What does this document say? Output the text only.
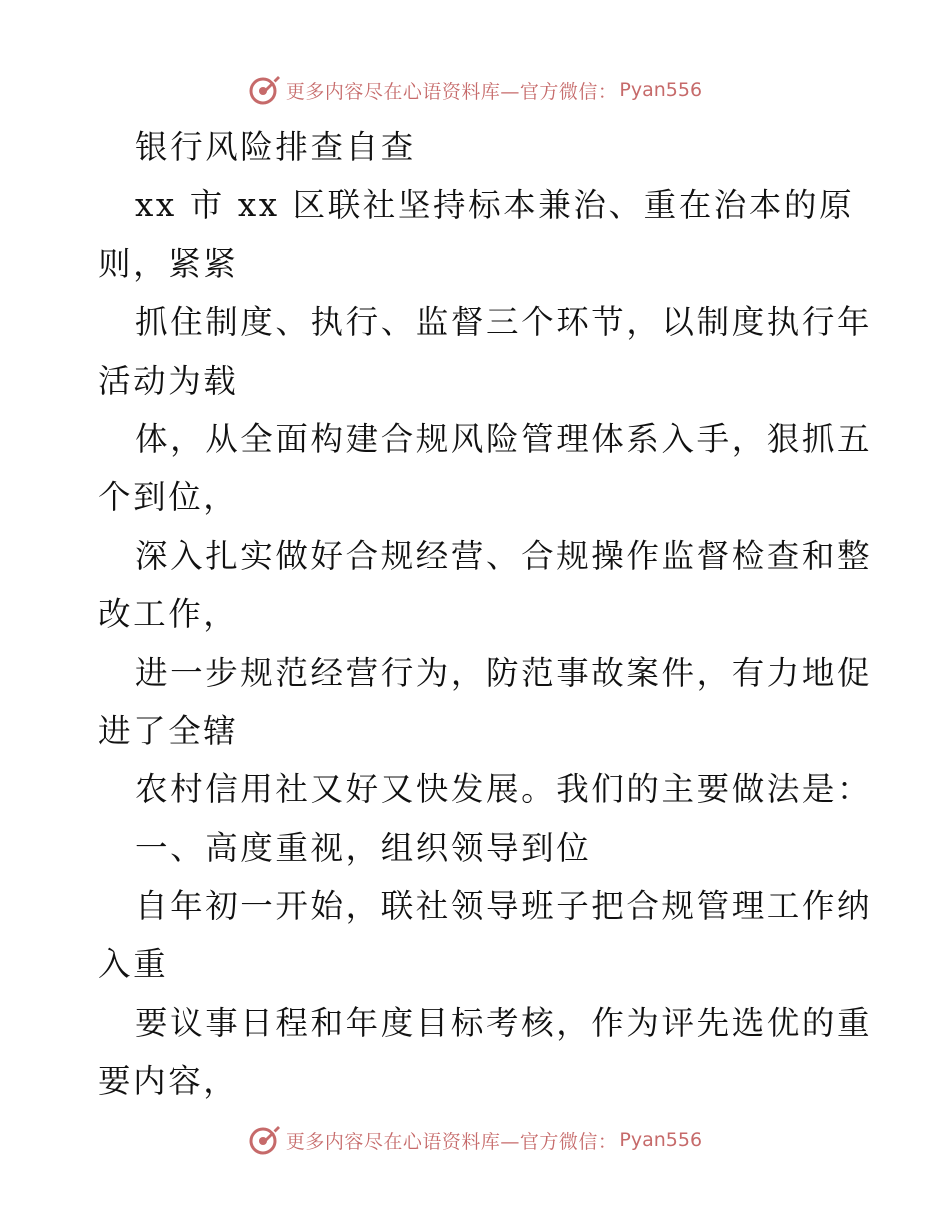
更多内容尽在心语资料库—官方微信： Pyan556
银行风险排查自查
xx 市 xx 区联社坚持标本兼治、重在治本的原
则，紧紧
抓住制度、执行、监督三个环节，以制度执行年
活动为载
体，从全面构建合规风险管理体系入手，狠抓五
个到位，
深入扎实做好合规经营、合规操作监督检查和整
改工作，
进一步规范经营行为，防范事故案件，有力地促
进了全辖
农村信用社又好又快发展。我们的主要做法是：
一、高度重视，组织领导到位
自年初一开始，联社领导班子把合规管理工作纳
入重
要议事日程和年度目标考核，作为评先选优的重
要内容，
更多内容尽在心语资料库—官方微信： Pyan556
